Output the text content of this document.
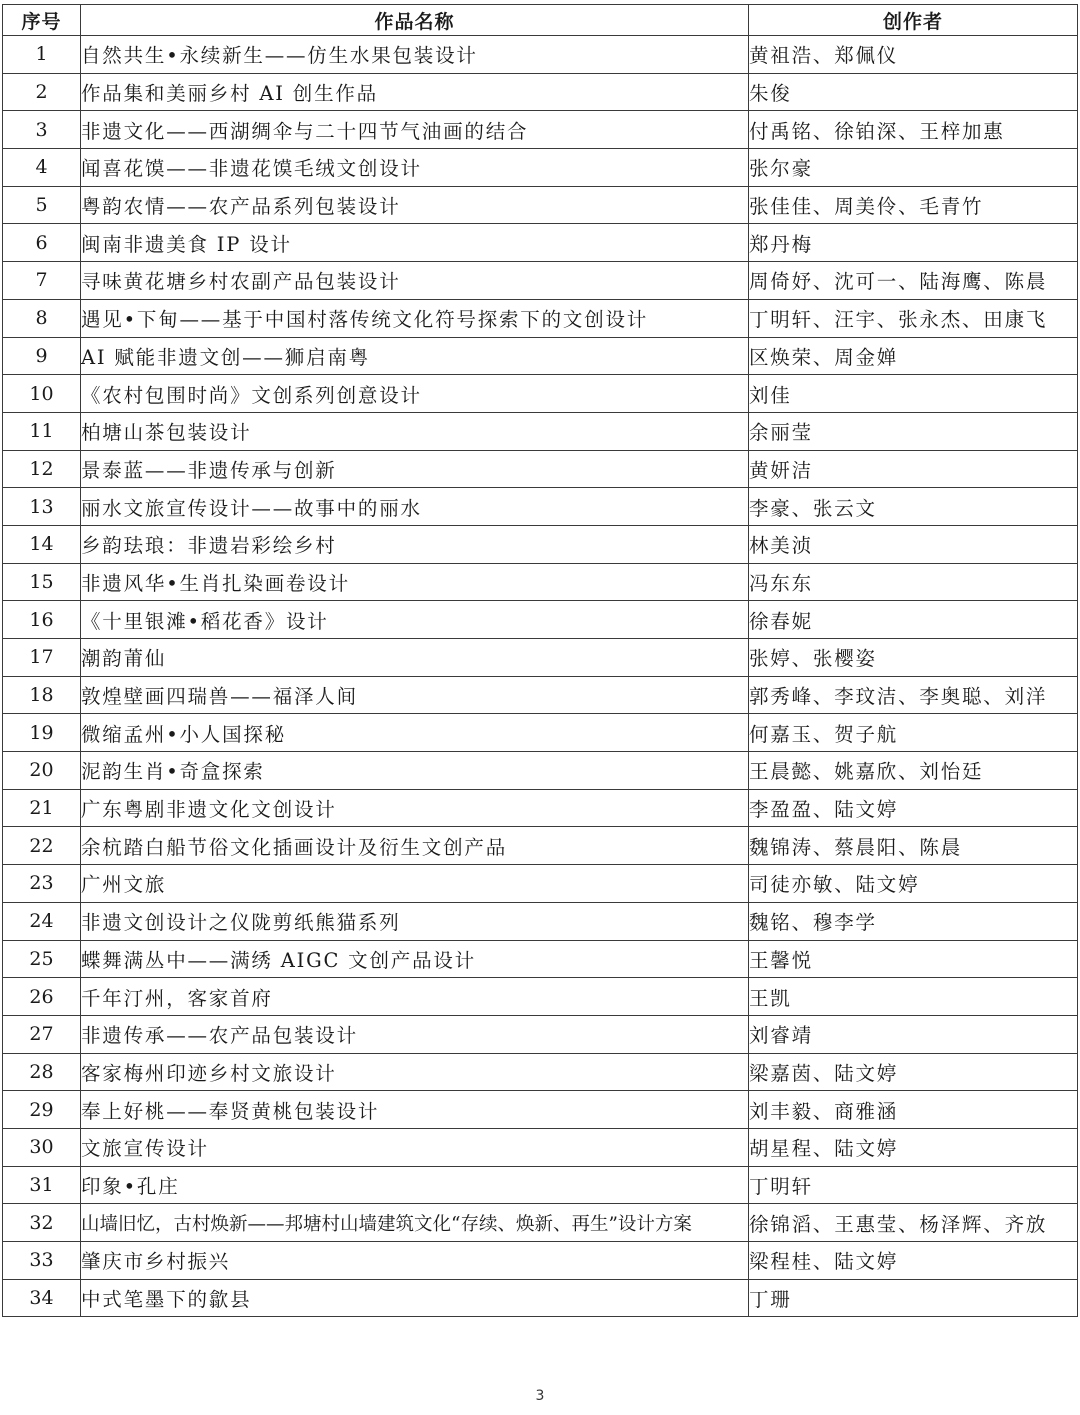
序号	作品名称	创作者
1	自然共生•永续新生——仿生水果包装设计	黄祖浩、郑佩仪
2	作品集和美丽乡村 AI 创生作品	朱俊
3	非遗文化——西湖绸伞与二十四节气油画的结合	付禹铭、徐铂深、王梓加惠
4	闻喜花馍——非遗花馍毛绒文创设计	张尔豪
5	粤韵农情——农产品系列包装设计	张佳佳、周美伶、毛青竹
6	闽南非遗美食 IP 设计	郑丹梅
7	寻味黄花塘乡村农副产品包装设计	周倚妤、沈可一、陆海鹰、陈晨
8	遇见•下甸——基于中国村落传统文化符号探索下的文创设计	丁明轩、汪宇、张永杰、田康飞
9	AI 赋能非遗文创——狮启南粤	区焕荣、周金婵
10	《农村包围时尚》文创系列创意设计	刘佳
11	柏塘山茶包装设计	余丽莹
12	景泰蓝——非遗传承与创新	黄妍洁
13	丽水文旅宣传设计——故事中的丽水	李豪、张云文
14	乡韵珐琅：非遗岩彩绘乡村	林美浈
15	非遗风华•生肖扎染画卷设计	冯东东
16	《十里银滩•稻花香》设计	徐春妮
17	潮韵莆仙	张婷、张樱姿
18	敦煌壁画四瑞兽——福泽人间	郭秀峰、李玟洁、李奥聪、刘洋
19	微缩孟州•小人国探秘	何嘉玉、贺子航
20	泥韵生肖•奇盒探索	王晨懿、姚嘉欣、刘怡廷
21	广东粤剧非遗文化文创设计	李盈盈、陆文婷
22	余杭踏白船节俗文化插画设计及衍生文创产品	魏锦涛、蔡晨阳、陈晨
23	广州文旅	司徒亦敏、陆文婷
24	非遗文创设计之仪陇剪纸熊猫系列	魏铭、穆李学
25	蝶舞满丛中——满绣 AIGC 文创产品设计	王馨悦
26	千年汀州，客家首府	王凯
27	非遗传承——农产品包装设计	刘睿靖
28	客家梅州印迹乡村文旅设计	梁嘉茵、陆文婷
29	奉上好桃——奉贤黄桃包装设计	刘丰毅、商雅涵
30	文旅宣传设计	胡星程、陆文婷
31	印象•孔庄	丁明轩
32	山墙旧忆，古村焕新——邦塘村山墙建筑文化“存续、焕新、再生”设计方案	徐锦滔、王惠莹、杨泽辉、齐放
33	肇庆市乡村振兴	梁程桂、陆文婷
34	中式笔墨下的歙县	丁珊
3
